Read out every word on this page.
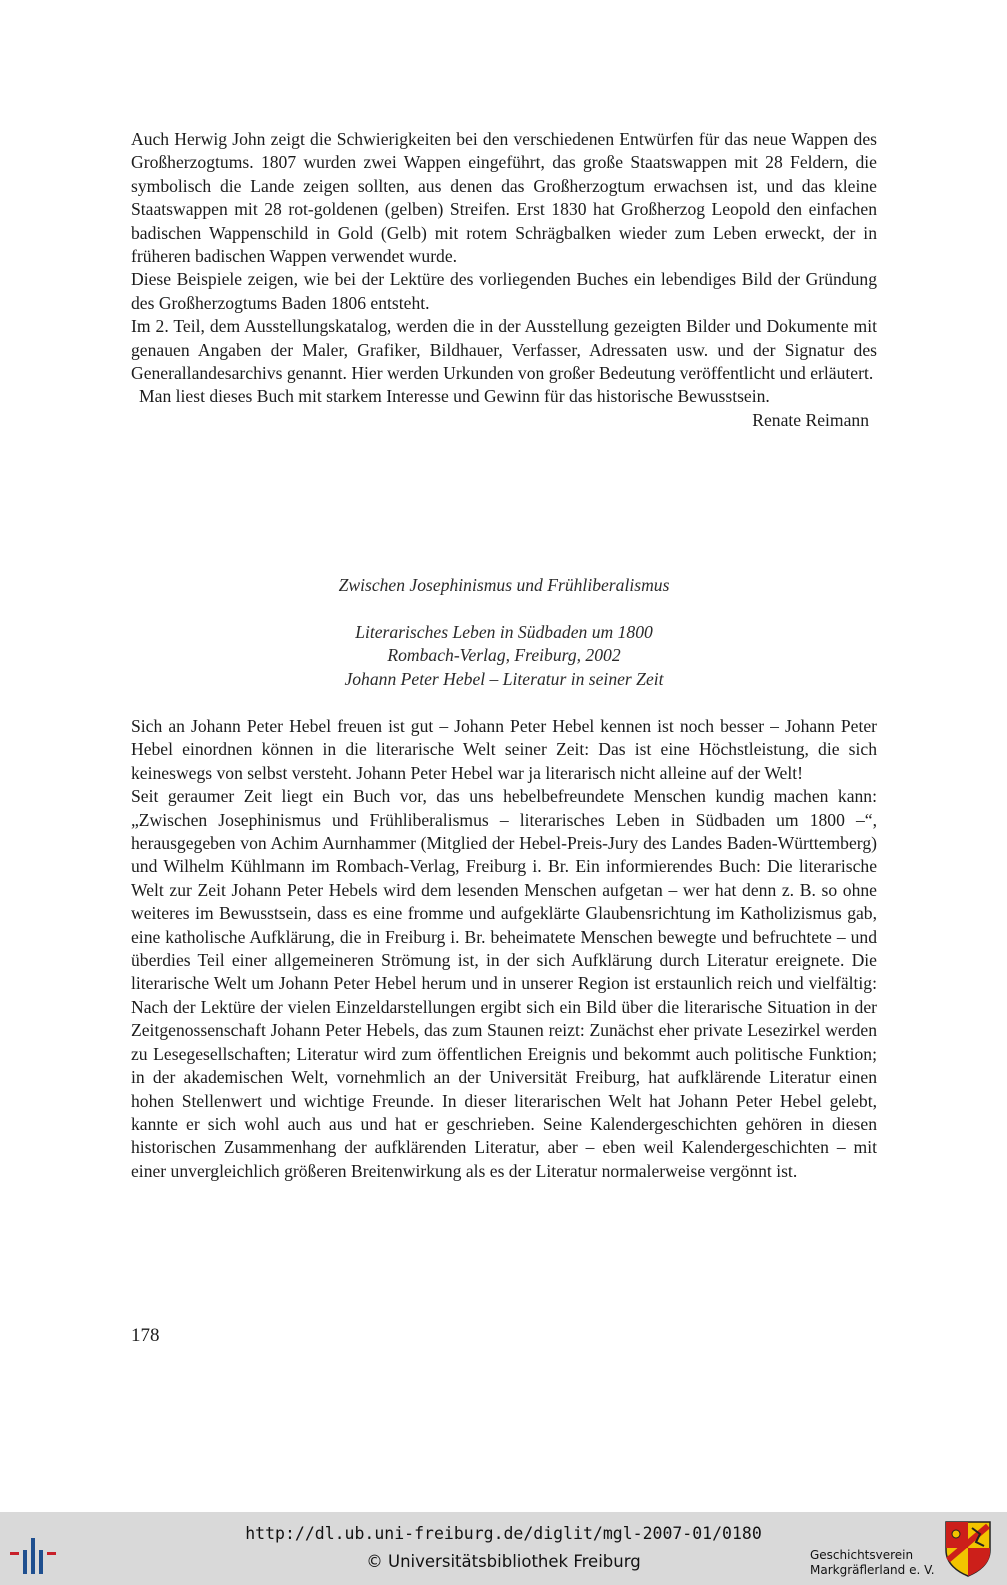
Auch Herwig John zeigt die Schwierigkeiten bei den verschiedenen Entwürfen für das neue Wappen des Großherzogtums. 1807 wurden zwei Wappen eingeführt, das große Staatswappen mit 28 Feldern, die symbolisch die Lande zeigen sollten, aus denen das Großherzogtum erwachsen ist, und das kleine Staatswappen mit 28 rot-goldenen (gelben) Streifen. Erst 1830 hat Großherzog Leopold den einfachen badischen Wappenschild in Gold (Gelb) mit rotem Schrägbalken wieder zum Leben erweckt, der in früheren badischen Wappen verwendet wurde.

Diese Beispiele zeigen, wie bei der Lektüre des vorliegenden Buches ein lebendiges Bild der Gründung des Großherzogtums Baden 1806 entsteht.

Im 2. Teil, dem Ausstellungskatalog, werden die in der Ausstellung gezeigten Bilder und Dokumente mit genauen Angaben der Maler, Grafiker, Bildhauer, Verfasser, Adressaten usw. und der Signatur des Generallandesarchivs genannt. Hier werden Urkunden von großer Bedeutung veröffentlicht und erläutert.

Man liest dieses Buch mit starkem Interesse und Gewinn für das historische Bewusstsein.

Renate Reimann

Zwischen Josephinismus und Frühliberalismus

Literarisches Leben in Südbaden um 1800

Rombach-Verlag, Freiburg, 2002

Johann Peter Hebel – Literatur in seiner Zeit

Sich an Johann Peter Hebel freuen ist gut – Johann Peter Hebel kennen ist noch besser – Johann Peter Hebel einordnen können in die literarische Welt seiner Zeit: Das ist eine Höchstleistung, die sich keineswegs von selbst versteht. Johann Peter Hebel war ja literarisch nicht alleine auf der Welt!

Seit geraumer Zeit liegt ein Buch vor, das uns hebelbefreundete Menschen kundig machen kann: „Zwischen Josephinismus und Frühliberalismus – literarisches Leben in Südbaden um 1800 –“, herausgegeben von Achim Aurnhammer (Mitglied der Hebel-Preis-Jury des Landes Baden-Württemberg) und Wilhelm Kühlmann im Rombach-Verlag, Freiburg i. Br. Ein informierendes Buch: Die literarische Welt zur Zeit Johann Peter Hebels wird dem lesenden Menschen aufgetan – wer hat denn z. B. so ohne weiteres im Bewusstsein, dass es eine fromme und aufgeklärte Glaubensrichtung im Katholizismus gab, eine katholische Aufklärung, die in Freiburg i. Br. beheimatete Menschen bewegte und befruchtete – und überdies Teil einer allgemeineren Strömung ist, in der sich Aufklärung durch Literatur ereignete. Die literarische Welt um Johann Peter Hebel herum und in unserer Region ist erstaunlich reich und vielfältig: Nach der Lektüre der vielen Einzeldarstellungen ergibt sich ein Bild über die literarische Situation in der Zeitgenossenschaft Johann Peter Hebels, das zum Staunen reizt: Zunächst eher private Lesezirkel werden zu Lesegesellschaften; Literatur wird zum öffentlichen Ereignis und bekommt auch politische Funktion; in der akademischen Welt, vornehmlich an der Universität Freiburg, hat aufklärende Literatur einen hohen Stellenwert und wichtige Freunde. In dieser literarischen Welt hat Johann Peter Hebel gelebt, kannte er sich wohl auch aus und hat er geschrieben. Seine Kalendergeschichten gehören in diesen historischen Zusammenhang der aufklärenden Literatur, aber – eben weil Kalendergeschichten – mit einer unvergleichlich größeren Breitenwirkung als es der Literatur normalerweise vergönnt ist.

178
http://dl.ub.uni-freiburg.de/diglit/mgl-2007-01/0180
© Universitätsbibliothek Freiburg	Geschichtsverein
Markgräflerland e. V.
